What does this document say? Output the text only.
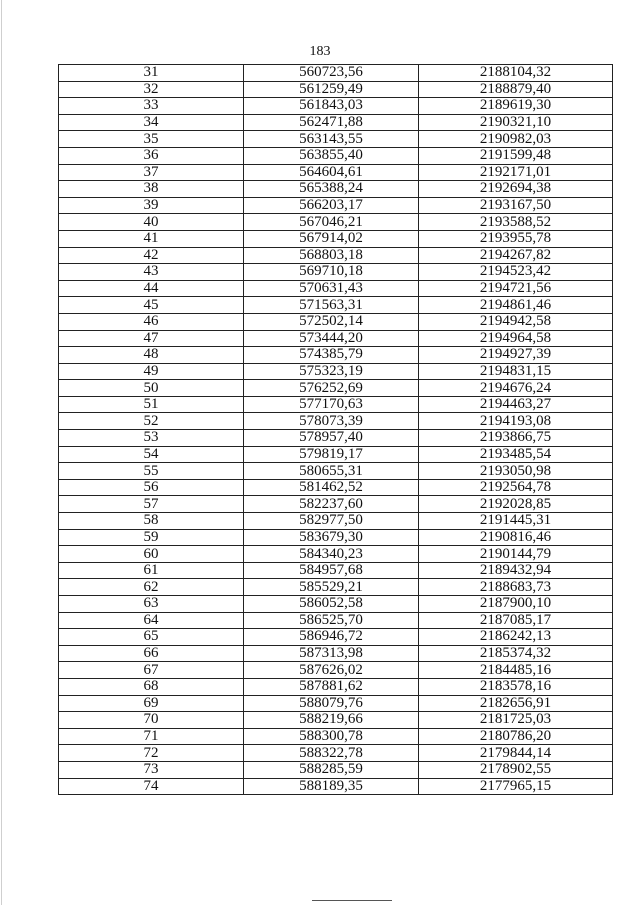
183
31	560723,56	2188104,32
32	561259,49	2188879,40
33	561843,03	2189619,30
34	562471,88	2190321,10
35	563143,55	2190982,03
36	563855,40	2191599,48
37	564604,61	2192171,01
38	565388,24	2192694,38
39	566203,17	2193167,50
40	567046,21	2193588,52
41	567914,02	2193955,78
42	568803,18	2194267,82
43	569710,18	2194523,42
44	570631,43	2194721,56
45	571563,31	2194861,46
46	572502,14	2194942,58
47	573444,20	2194964,58
48	574385,79	2194927,39
49	575323,19	2194831,15
50	576252,69	2194676,24
51	577170,63	2194463,27
52	578073,39	2194193,08
53	578957,40	2193866,75
54	579819,17	2193485,54
55	580655,31	2193050,98
56	581462,52	2192564,78
57	582237,60	2192028,85
58	582977,50	2191445,31
59	583679,30	2190816,46
60	584340,23	2190144,79
61	584957,68	2189432,94
62	585529,21	2188683,73
63	586052,58	2187900,10
64	586525,70	2187085,17
65	586946,72	2186242,13
66	587313,98	2185374,32
67	587626,02	2184485,16
68	587881,62	2183578,16
69	588079,76	2182656,91
70	588219,66	2181725,03
71	588300,78	2180786,20
72	588322,78	2179844,14
73	588285,59	2178902,55
74	588189,35	2177965,15
